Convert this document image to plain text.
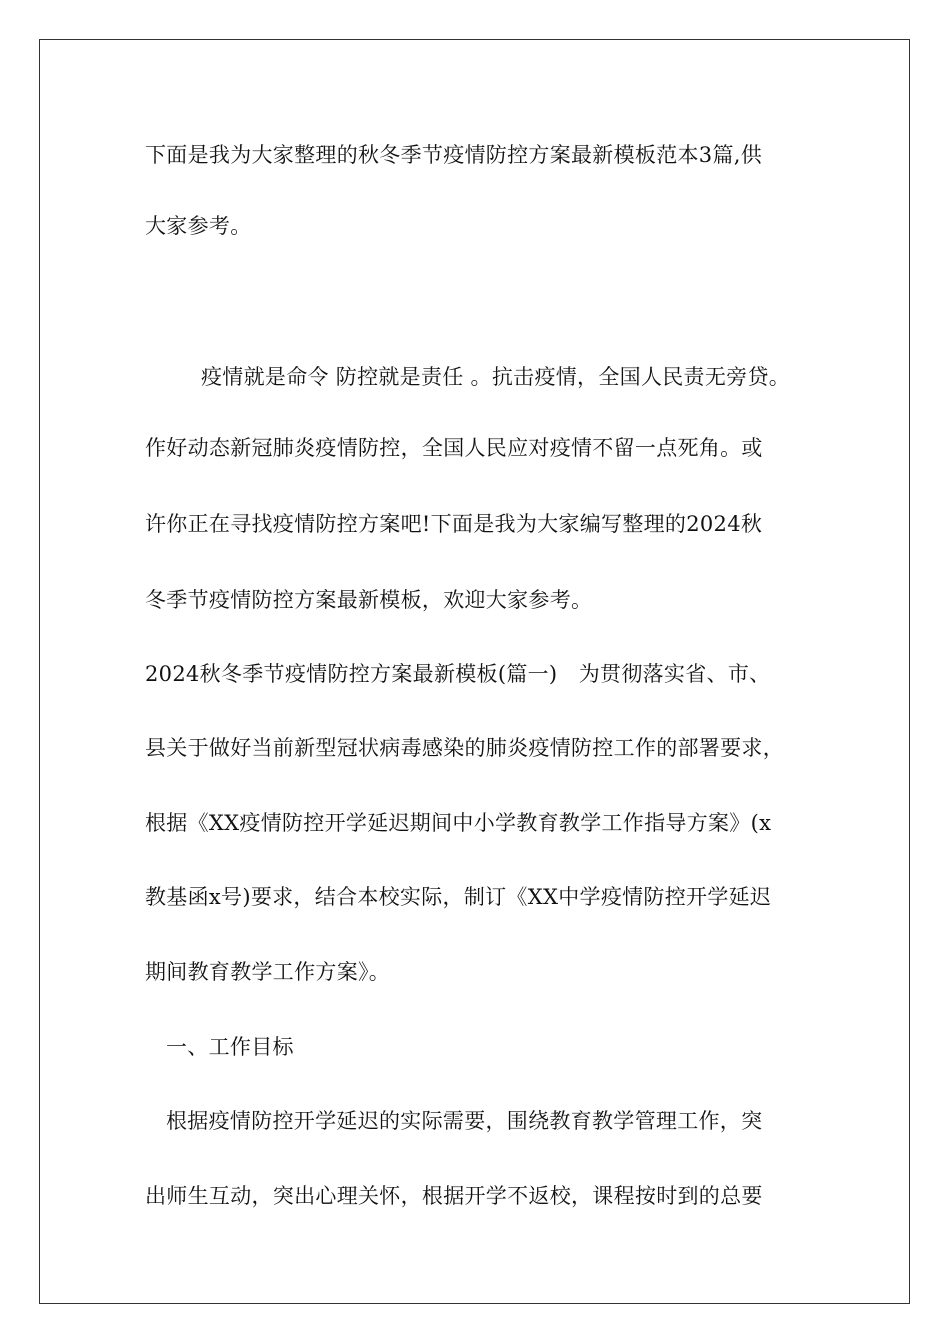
下面是我为大家整理的秋冬季节疫情防控方案最新模板范本3篇,供
大家参考。
疫情就是命令 防控就是责任 。抗击疫情，全国人民责无旁贷。
作好动态新冠肺炎疫情防控，全国人民应对疫情不留一点死角。或
许你正在寻找疫情防控方案吧!下面是我为大家编写整理的2024秋
冬季节疫情防控方案最新模板，欢迎大家参考。
2024秋冬季节疫情防控方案最新模板(篇一)　为贯彻落实省、市、
县关于做好当前新型冠状病毒感染的肺炎疫情防控工作的部署要求，
根据《XX疫情防控开学延迟期间中小学教育教学工作指导方案》(x
教基函x号)要求，结合本校实际，制订《XX中学疫情防控开学延迟
期间教育教学工作方案》。
一、工作目标
根据疫情防控开学延迟的实际需要，围绕教育教学管理工作，突
出师生互动，突出心理关怀，根据开学不返校，课程按时到的总要
